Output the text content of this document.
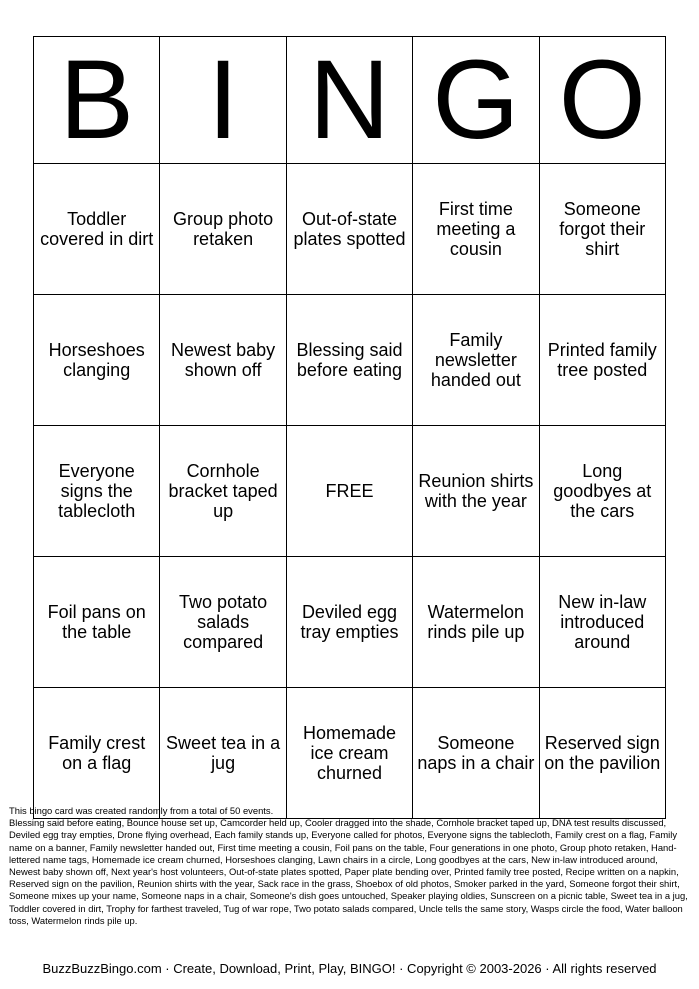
B	I	N	G	O
Toddler covered in dirt	Group photo retaken	Out-of-state plates spotted	First time meeting a cousin	Someone forgot their shirt
Horseshoes clanging	Newest baby shown off	Blessing said before eating	Family newsletter handed out	Printed family tree posted
Everyone signs the tablecloth	Cornhole bracket taped up	FREE	Reunion shirts with the year	Long goodbyes at the cars
Foil pans on the table	Two potato salads compared	Deviled egg tray empties	Watermelon rinds pile up	New in-law introduced around
Family crest on a flag	Sweet tea in a jug	Homemade ice cream churned	Someone naps in a chair	Reserved sign on the pavilion

This bingo card was created randomly from a total of 50 events.
Blessing said before eating, Bounce house set up, Camcorder held up, Cooler dragged into the shade, Cornhole bracket taped up, DNA test results discussed, Deviled egg tray empties, Drone flying overhead, Each family stands up, Everyone called for photos, Everyone signs the tablecloth, Family crest on a flag, Family name on a banner, Family newsletter handed out, First time meeting a cousin, Foil pans on the table, Four generations in one photo, Group photo retaken, Hand-lettered name tags, Homemade ice cream churned, Horseshoes clanging, Lawn chairs in a circle, Long goodbyes at the cars, New in-law introduced around, Newest baby shown off, Next year's host volunteers, Out-of-state plates spotted, Paper plate bending over, Printed family tree posted, Recipe written on a napkin, Reserved sign on the pavilion, Reunion shirts with the year, Sack race in the grass, Shoebox of old photos, Smoker parked in the yard, Someone forgot their shirt, Someone mixes up your name, Someone naps in a chair, Someone's dish goes untouched, Speaker playing oldies, Sunscreen on a picnic table, Sweet tea in a jug, Toddler covered in dirt, Trophy for farthest traveled, Tug of war rope, Two potato salads compared, Uncle tells the same story, Wasps circle the food, Water balloon toss, Watermelon rinds pile up.

BuzzBuzzBingo.com · Create, Download, Print, Play, BINGO! · Copyright © 2003-2026 · All rights reserved
